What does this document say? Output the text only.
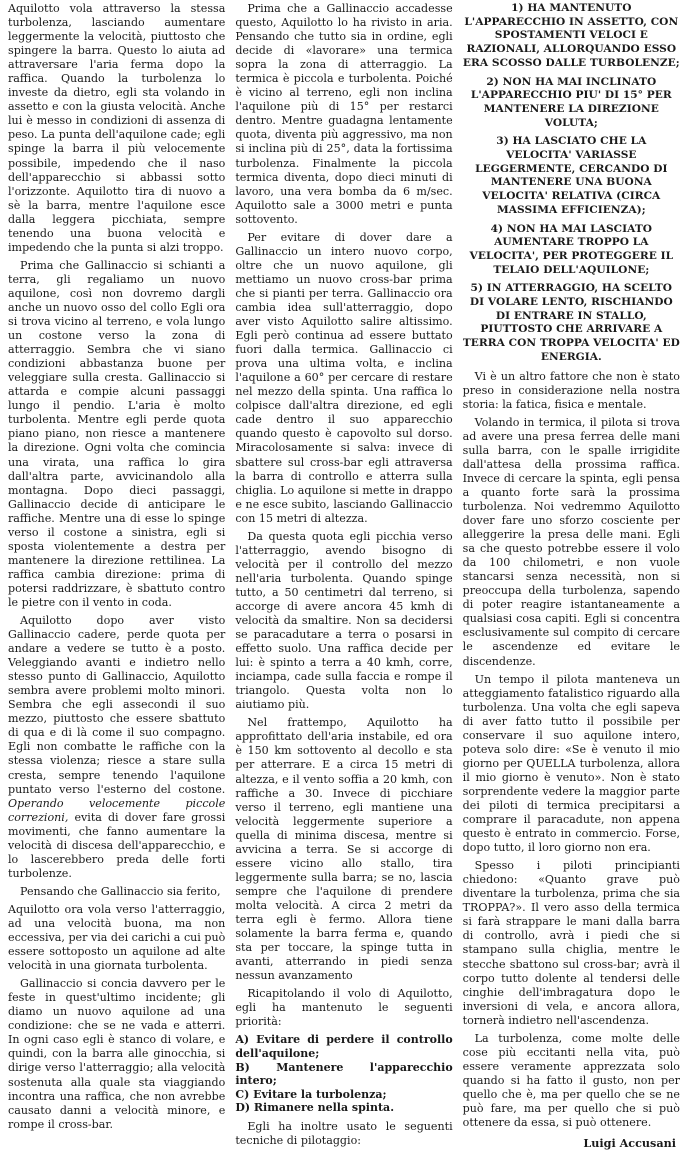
Aquilotto vola attraverso la stessa turbolenza, lasciando aumentare leggermente la velocità, piuttosto che spingere la barra. Questo lo aiuta ad attraversare l'aria ferma dopo la raffica. Quando la turbolenza lo investe da dietro, egli sta volando in assetto e con la giusta velocità. Anche lui è messo in condizioni di assenza di peso. La punta dell'aquilone cade; egli spinge la barra il più velocemente possibile, impedendo che il naso dell'apparecchio si abbassi sotto l'orizzonte. Aquilotto tira di nuovo a sè la barra, mentre l'aquilone esce dalla leggera picchiata, sempre tenendo una buona velocità e impedendo che la punta si alzi troppo.

Prima che Gallinaccio si schianti a terra, gli regaliamo un nuovo aquilone, così non dovremo dargli anche un nuovo osso del collo Egli ora si trova vicino al terreno, e vola lungo un costone verso la zona di atterraggio. Sembra che vi siano condizioni abbastanza buone per veleggiare sulla cresta. Gallinaccio si attarda e compie alcuni passaggi lungo il pendio. L'aria è molto turbolenta. Mentre egli perde quota piano piano, non riesce a mantenere la direzione. Ogni volta che comincia una virata, una raffica lo gira dall'altra parte, avvicinandolo alla montagna. Dopo dieci passaggi, Gallinaccio decide di anticipare le raffiche. Mentre una di esse lo spinge verso il costone a sinistra, egli si sposta violentemente a destra per mantenere la direzione rettilinea. La raffica cambia direzione: prima di potersi raddrizzare, è sbattuto contro le pietre con il vento in coda.

Aquilotto dopo aver visto Gallinaccio cadere, perde quota per andare a vedere se tutto è a posto. Veleggiando avanti e indietro nello stesso punto di Gallinaccio, Aquilotto sembra avere problemi molto minori. Sembra che egli assecondi il suo mezzo, piuttosto che essere sbattuto di qua e di là come il suo compagno. Egli non combatte le raffiche con la stessa violenza; riesce a stare sulla cresta, sempre tenendo l'aquilone puntato verso l'esterno del costone. Operando velocemente piccole correzioni, evita di dover fare grossi movimenti, che fanno aumentare la velocità di discesa dell'apparecchio, e lo lascerebbero preda delle forti turbolenze.

Pensando che Gallinaccio sia ferito,

Aquilotto ora vola verso l'atterraggio, ad una velocità buona, ma non eccessiva, per via dei carichi a cui può essere sottoposto un aquilone ad alte velocità in una giornata turbolenta.

Gallinaccio si concia davvero per le feste in quest'ultimo incidente; gli diamo un nuovo aquilone ad una condizione: che se ne vada e atterri. In ogni caso egli è stanco di volare, e quindi, con la barra alle ginocchia, si dirige verso l'atterraggio; alla velocità sostenuta alla quale sta viaggiando incontra una raffica, che non avrebbe causato danni a velocità minore, e rompe il cross-bar.

Prima che a Gallinaccio accadesse questo, Aquilotto lo ha rivisto in aria. Pensando che tutto sia in ordine, egli decide di «lavorare» una termica sopra la zona di atterraggio. La termica è piccola e turbolenta. Poiché è vicino al terreno, egli non inclina l'aquilone più di 15° per restarci dentro. Mentre guadagna lentamente quota, diventa più aggressivo, ma non si inclina più di 25°, data la fortissima turbolenza. Finalmente la piccola termica diventa, dopo dieci minuti di lavoro, una vera bomba da 6 m/sec. Aquilotto sale a 3000 metri e punta sottovento.

Per evitare di dover dare a Gallinaccio un intero nuovo corpo, oltre che un nuovo aquilone, gli mettiamo un nuovo cross-bar prima che si pianti per terra. Gallinaccio ora cambia idea sull'atterraggio, dopo aver visto Aquilotto salire altissimo. Egli però continua ad essere buttato fuori dalla termica. Gallinaccio ci prova una ultima volta, e inclina l'aquilone a 60° per cercare di restare nel mezzo della spinta. Una raffica lo colpisce dall'altra direzione, ed egli cade dentro il suo apparecchio quando questo è capovolto sul dorso. Miracolosamente si salva: invece di sbattere sul cross-bar egli attraversa la barra di controllo e atterra sulla chiglia. Lo aquilone si mette in drappo e ne esce subito, lasciando Gallinaccio con 15 metri di altezza.

Da questa quota egli picchia verso l'atterraggio, avendo bisogno di velocità per il controllo del mezzo nell'aria turbolenta. Quando spinge tutto, a 50 centimetri dal terreno, si accorge di avere ancora 45 kmh di velocità da smaltire. Non sa decidersi se paracadutare a terra o posarsi in effetto suolo. Una raffica decide per lui: è spinto a terra a 40 kmh, corre, inciampa, cade sulla faccia e rompe il triangolo. Questa volta non lo aiutiamo più.

Nel frattempo, Aquilotto ha approfittato dell'aria instabile, ed ora è 150 km sottovento al decollo e sta per atterrare. E a circa 15 metri di altezza, e il vento soffia a 20 kmh, con raffiche a 30. Invece di picchiare verso il terreno, egli mantiene una velocità leggermente superiore a quella di minima discesa, mentre si avvicina a terra. Se si accorge di essere vicino allo stallo, tira leggermente sulla barra; se no, lascia sempre che l'aquilone di prendere molta velocità. A circa 2 metri da terra egli è fermo. Allora tiene solamente la barra ferma e, quando sta per toccare, la spinge tutta in avanti, atterrando in piedi senza nessun avanzamento

Ricapitolando il volo di Aquilotto, egli ha mantenuto le seguenti priorità:

A) Evitare di perdere il controllo dell'aquilone;
B) Mantenere l'apparecchio intero;
C) Evitare la turbolenza;
D) Rimanere nella spinta.

Egli ha inoltre usato le seguenti tecniche di pilotaggio:

1) HA MANTENUTO L'APPARECCHIO IN ASSETTO, CON SPOSTAMENTI VELOCI E RAZIONALI, ALLORQUANDO ESSO ERA SCOSSO DALLE TURBOLENZE;
2) NON HA MAI INCLINATO L'APPARECCHIO PIU' DI 15° PER MANTENERE LA DIREZIONE VOLUTA;
3) HA LASCIATO CHE LA VELOCITA' VARIASSE LEGGERMENTE, CERCANDO DI MANTENERE UNA BUONA VELOCITA' RELATIVA (CIRCA MASSIMA EFFICIENZA);
4) NON HA MAI LASCIATO AUMENTARE TROPPO LA VELOCITA', PER PROTEGGERE IL TELAIO DELL'AQUILONE;
5) IN ATTERRAGGIO, HA SCELTO DI VOLARE LENTO, RISCHIANDO DI ENTRARE IN STALLO, PIUTTOSTO CHE ARRIVARE A TERRA CON TROPPA VELOCITA' ED ENERGIA.

Vi è un altro fattore che non è stato preso in considerazione nella nostra storia: la fatica, fisica e mentale.

Volando in termica, il pilota si trova ad avere una presa ferrea delle mani sulla barra, con le spalle irrigidite dall'attesa della prossima raffica. Invece di cercare la spinta, egli pensa a quanto forte sarà la prossima turbolenza. Noi vedremmo Aquilotto dover fare uno sforzo cosciente per alleggerire la presa delle mani. Egli sa che questo potrebbe essere il volo da 100 chilometri, e non vuole stancarsi senza necessità, non si preoccupa della turbolenza, sapendo di poter reagire istantaneamente a qualsiasi cosa capiti. Egli si concentra esclusivamente sul compito di cercare le ascendenze ed evitare le discendenze.

Un tempo il pilota manteneva un atteggiamento fatalistico riguardo alla turbolenza. Una volta che egli sapeva di aver fatto tutto il possibile per conservare il suo aquilone intero, poteva solo dire: «Se è venuto il mio giorno per QUELLA turbolenza, allora il mio giorno è venuto». Non è stato sorprendente vedere la maggior parte dei piloti di termica precipitarsi a comprare il paracadute, non appena questo è entrato in commercio. Forse, dopo tutto, il loro giorno non era.

Spesso i piloti principianti chiedono: «Quanto grave può diventare la turbolenza, prima che sia TROPPA?». Il vero asso della termica si farà strappare le mani dalla barra di controllo, avrà i piedi che si stampano sulla chiglia, mentre le stecche sbattono sul cross-bar; avrà il corpo tutto dolente al tendersi delle cinghie dell'imbragatura dopo le inversioni di vela, e ancora allora, tornerà indietro nell'ascendenza.

La turbolenza, come molte delle cose più eccitanti nella vita, può essere veramente apprezzata solo quando si ha fatto il gusto, non per quello che è, ma per quello che se ne può fare, ma per quello che si può ottenere da essa, si può ottenere.

Luigi Accusani
